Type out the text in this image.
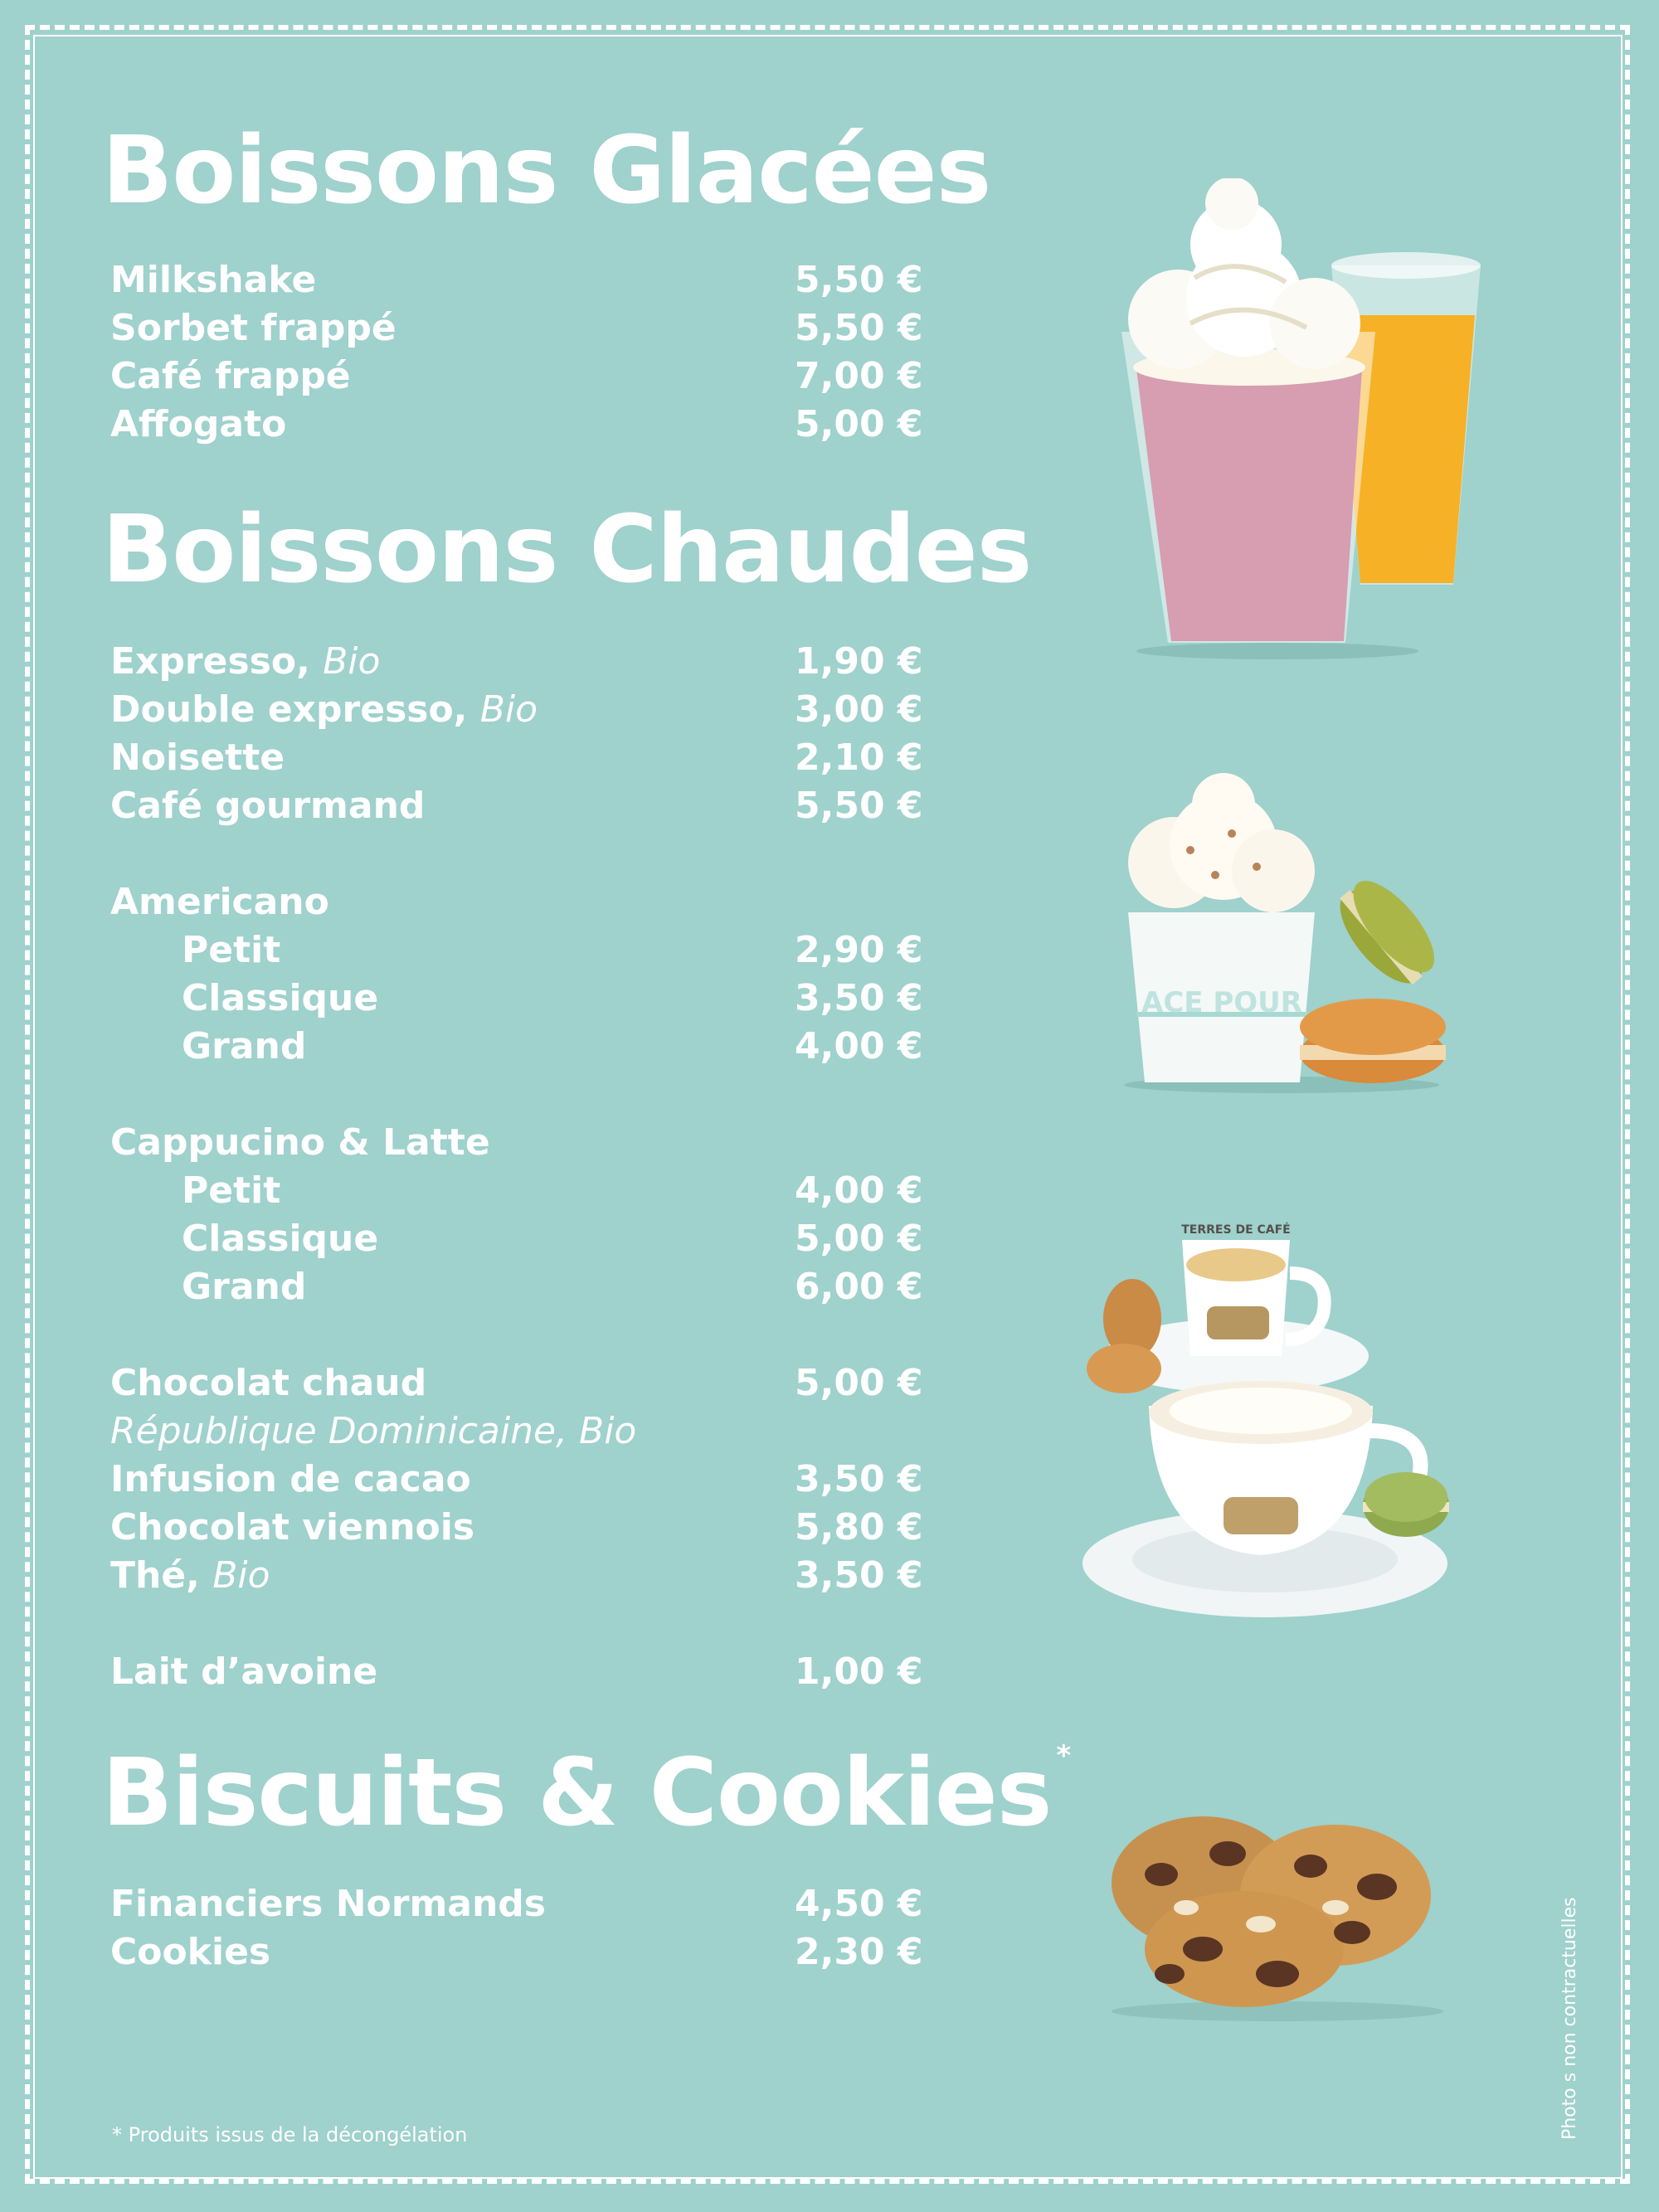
Boissons Glacées
Milkshake	5,50 €
Sorbet frappé	5,50 €
Café frappé	7,00 €
Affogato	5,00 €
Boissons Chaudes
Expresso, Bio	1,90 €
Double expresso, Bio	3,00 €
Noisette	2,10 €
Café gourmand	5,50 €
Americano
Petit	2,90 €
Classique	3,50 €
Grand	4,00 €
Cappucino & Latte
Petit	4,00 €
Classique	5,00 €
Grand	6,00 €
Chocolat chaud	5,00 €
République Dominicaine, Bio
Infusion de cacao	3,50 €
Chocolat viennois	5,80 €
Thé, Bio	3,50 €
Lait d’avoine	1,00 €
Biscuits & Cookies *
Financiers Normands	4,50 €
Cookies	2,30 €
ACE POUR
TERRES DE CAFÉ
* Produits issus de la décongélation	Photo s non contractuelles
